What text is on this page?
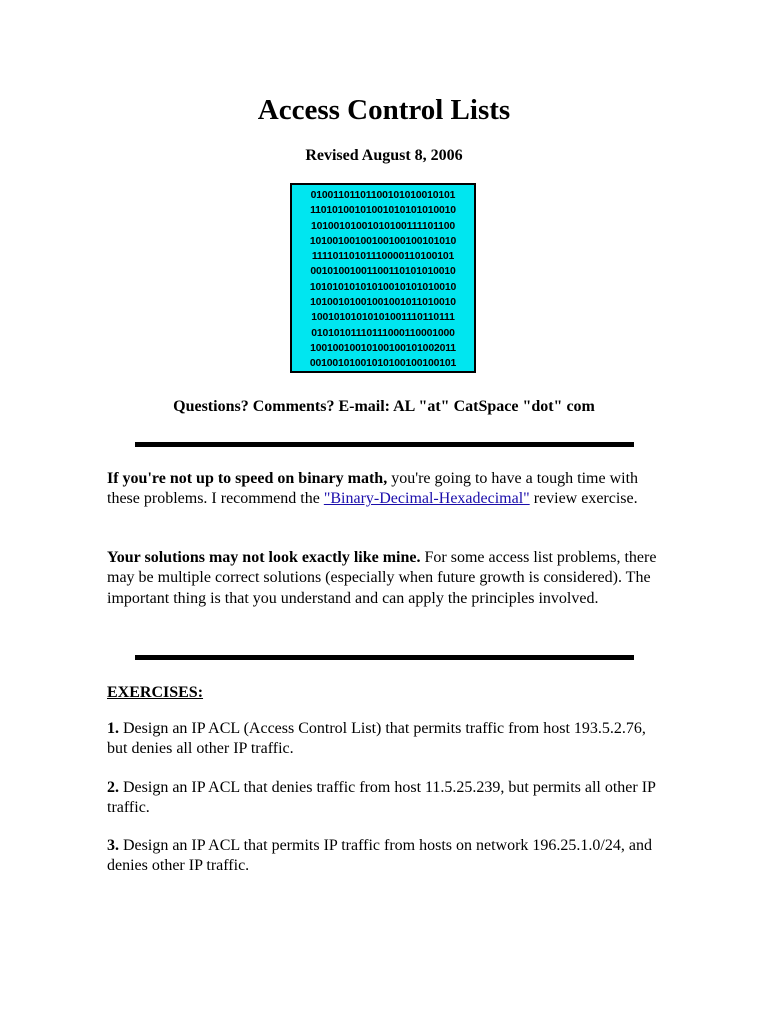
Access Control Lists
Revised August 8, 2006
01001101101100101010010101
11010100101001010101010010
10100101001010100111101100
10100100100100100100101010
11110110101110000110100101
00101001001100110101010010
10101010101010010101010010
10100101001001001011010010
10010101010101001110110111
01010101110111000110001000
10010010010100100101002011
00100101001010100100100101
Questions? Comments? E-mail: AL "at" CatSpace "dot" com

If you're not up to speed on binary math, you're going to have a tough time with these problems. I recommend the "Binary-Decimal-Hexadecimal" review exercise.

Your solutions may not look exactly like mine. For some access list problems, there may be multiple correct solutions (especially when future growth is considered). The important thing is that you understand and can apply the principles involved.

EXERCISES:

1. Design an IP ACL (Access Control List) that permits traffic from host 193.5.2.76, but denies all other IP traffic.

2. Design an IP ACL that denies traffic from host 11.5.25.239, but permits all other IP traffic.

3. Design an IP ACL that permits IP traffic from hosts on network 196.25.1.0/24, and denies other IP traffic.
